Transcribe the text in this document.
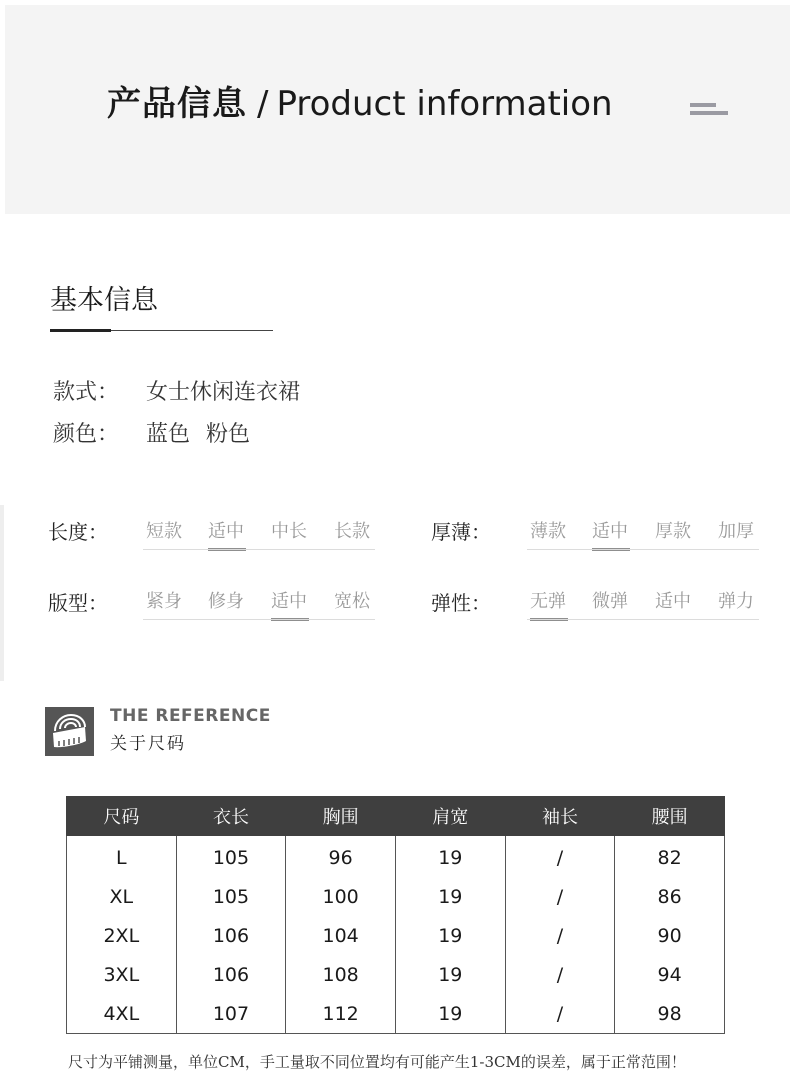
产品信息 / Product information
基本信息
款式： 女士休闲连衣裙
颜色： 蓝色 粉色
长度： 短款 适中 中长 长款	厚薄： 薄款 适中 厚款 加厚
版型： 紧身 修身 适中 宽松	弹性： 无弹 微弹 适中 弹力
THE REFERENCE
关于尺码
尺码	衣长	胸围	肩宽	袖长	腰围
L	105	96	19	/	82
XL	105	100	19	/	86
2XL	106	104	19	/	90
3XL	106	108	19	/	94
4XL	107	112	19	/	98
尺寸为平铺测量，单位CM，手工量取不同位置均有可能产生1-3CM的误差，属于正常范围！
